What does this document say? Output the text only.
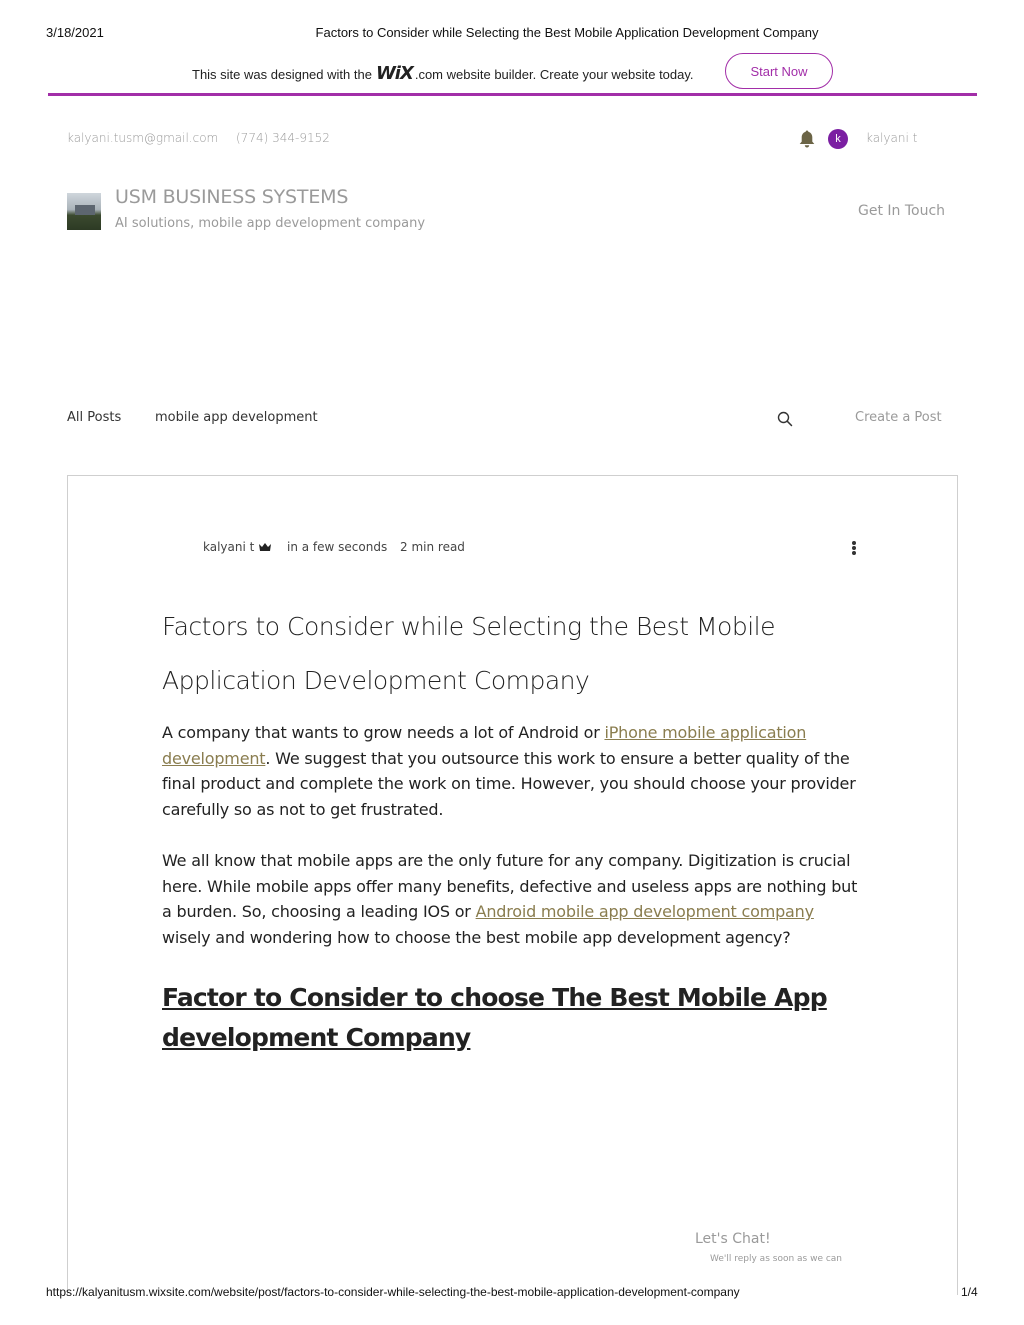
3/18/2021	Factors to Consider while Selecting the Best Mobile Application Development Company
This site was designed with the WiX .com website builder. Create your website today.	Start Now
kalyani.tusm@gmail.com (774) 344-9152	k	kalyani t
USM BUSINESS SYSTEMS
AI solutions, mobile app development company
Get In Touch
All Posts	mobile app development	Create a Post
kalyani t	in a few seconds 2 min read
Factors to Consider while Selecting the Best Mobile Application Development Company

A company that wants to grow needs a lot of Android or iPhone mobile application development. We suggest that you outsource this work to ensure a better quality of the final product and complete the work on time. However, you should choose your provider carefully so as not to get frustrated.

We all know that mobile apps are the only future for any company. Digitization is crucial here. While mobile apps offer many benefits, defective and useless apps are nothing but a burden. So, choosing a leading IOS or Android mobile app development company wisely and wondering how to choose the best mobile app development agency?

Factor to Consider to choose The Best Mobile App development Company
Let's Chat!
We'll reply as soon as we can
https://kalyanitusm.wixsite.com/website/post/factors-to-consider-while-selecting-the-best-mobile-application-development-company	1/4
